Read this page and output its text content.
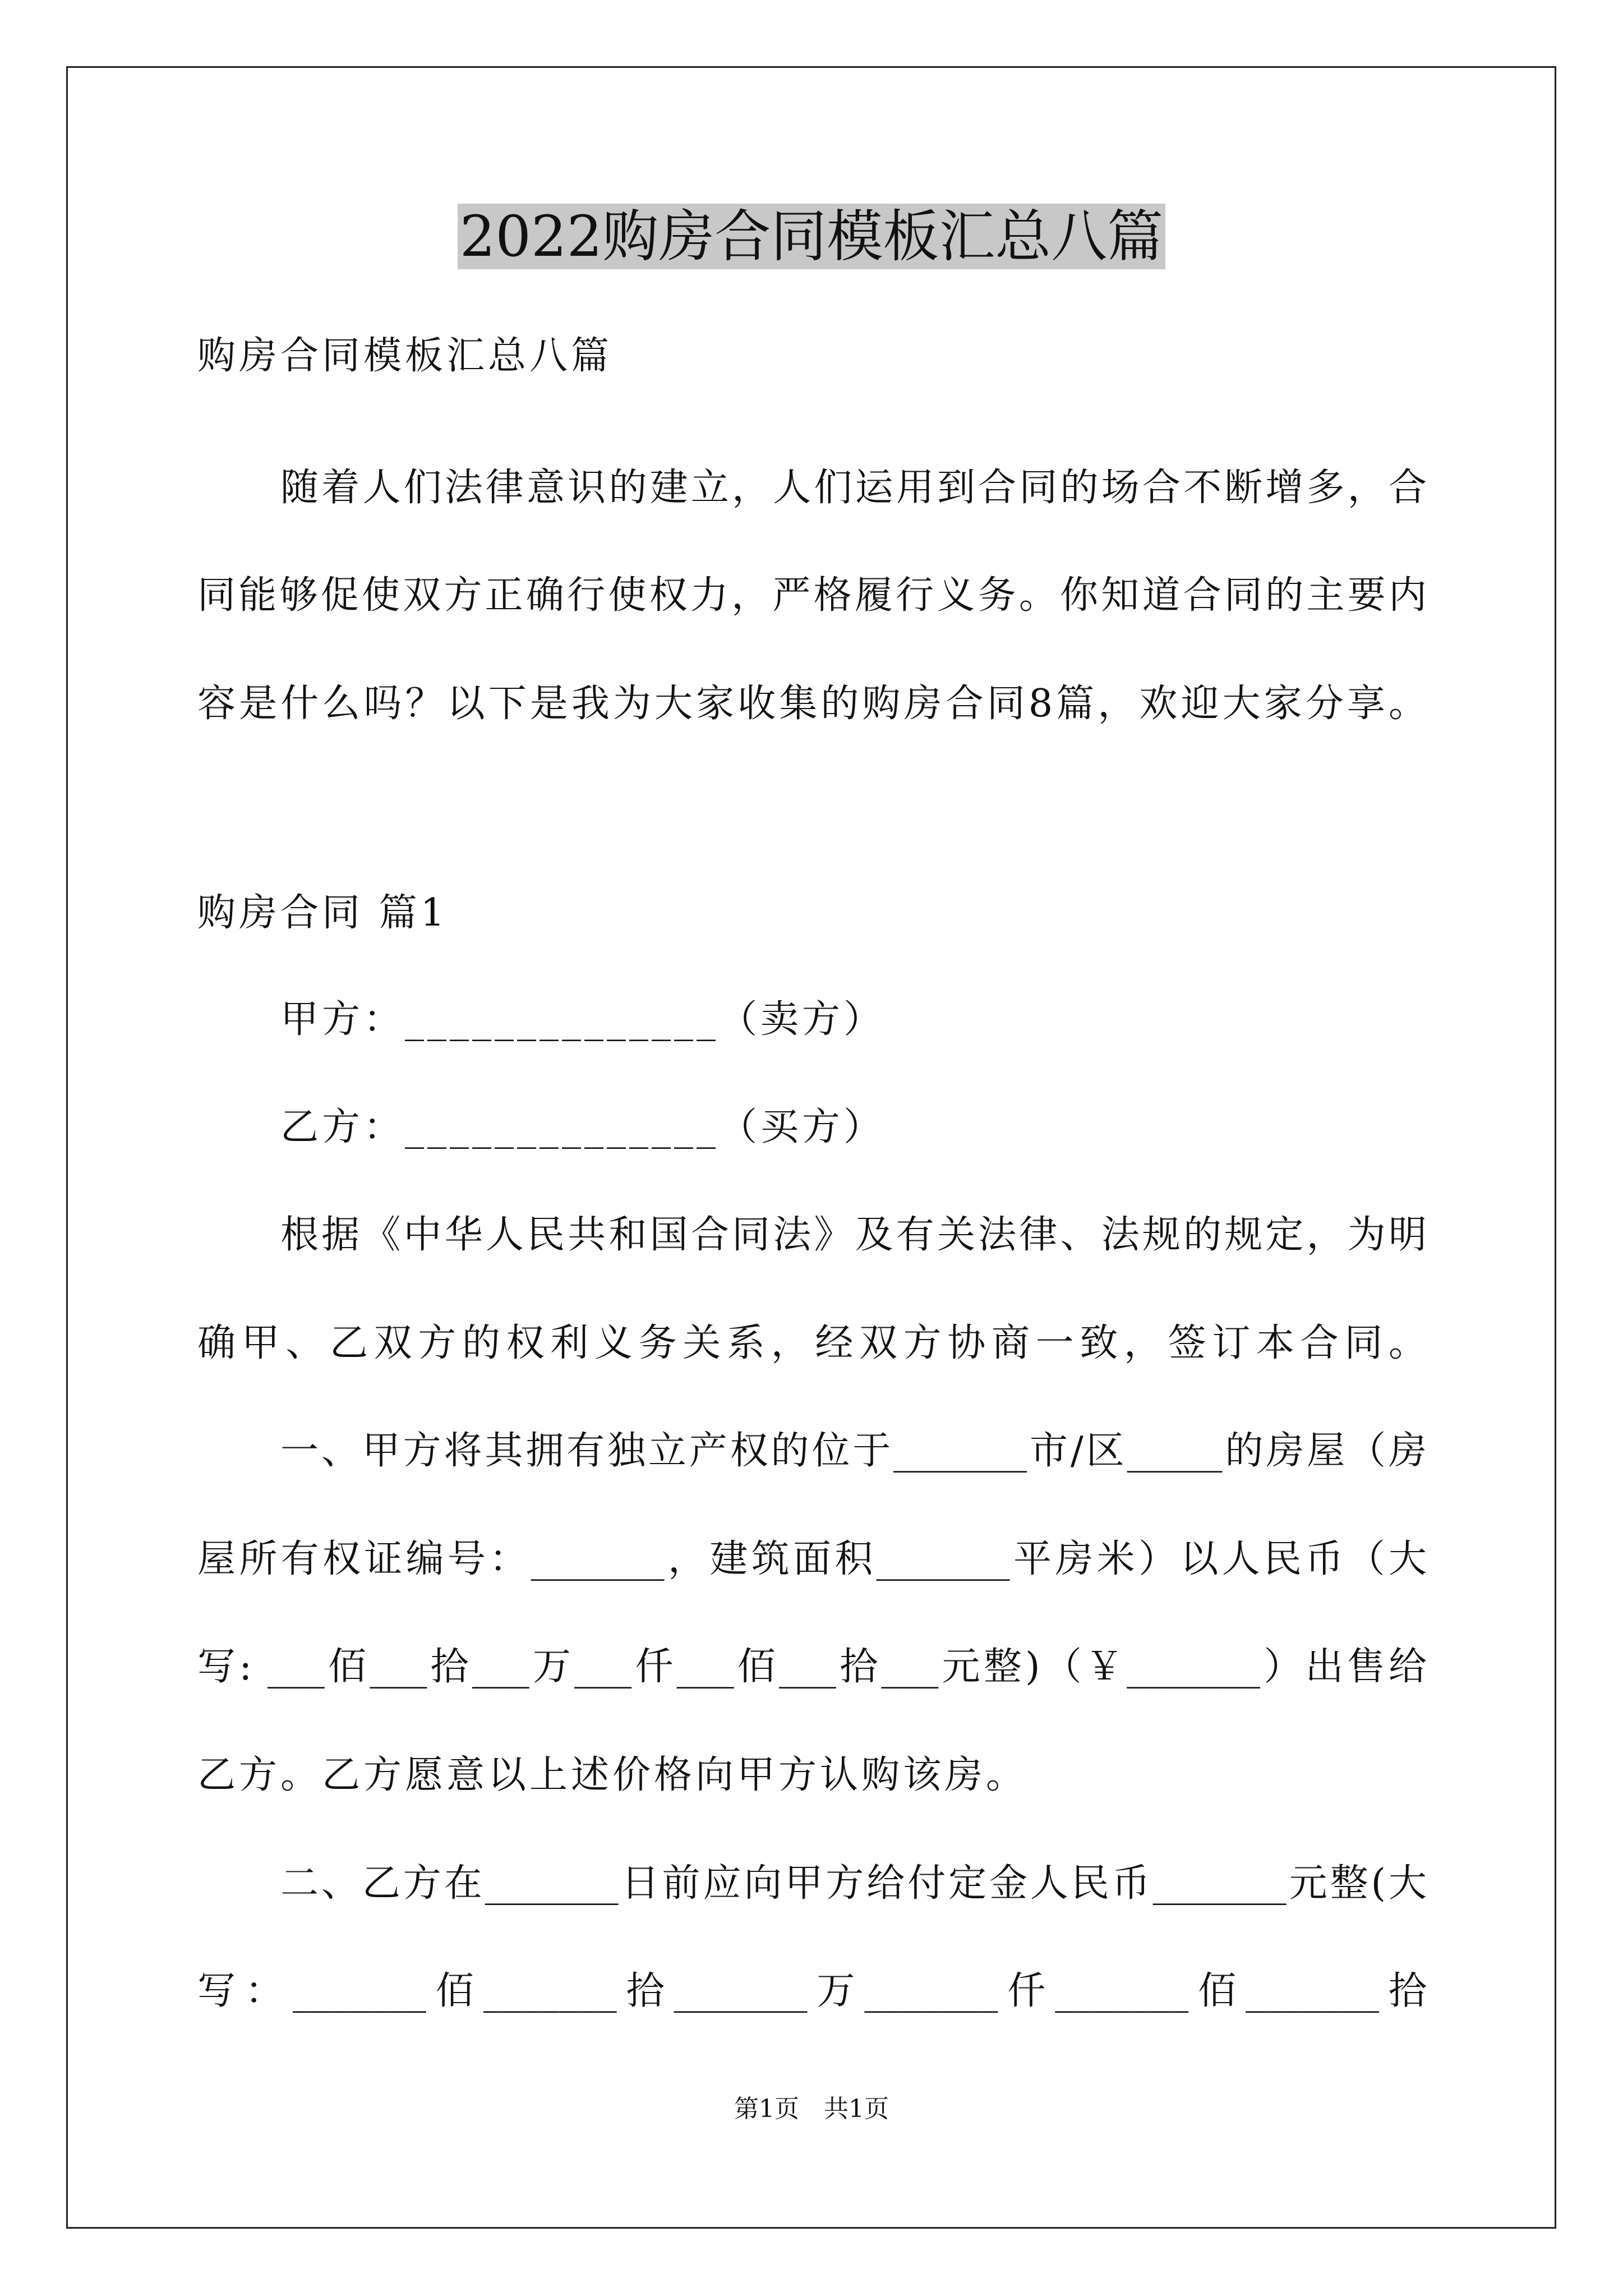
2022购房合同模板汇总八篇

购房合同模板汇总八篇

随着人们法律意识的建立，人们运用到合同的场合不断增多，合

同能够促使双方正确行使权力，严格履行义务。你知道合同的主要内

容是什么吗？以下是我为大家收集的购房合同8篇，欢迎大家分享。

购房合同 篇1

甲方：______________（卖方）

乙方：______________（买方）

根据《中华人民共和国合同法》及有关法律、法规的规定，为明

确甲、乙双方的权利义务关系，经双方协商一致，签订本合同。

一、甲方将其拥有独立产权的位于_______市/区_____的房屋（房

屋所有权证编号：_______，建筑面积_______平房米）以人民币（大

写: ___佰___拾___万___仟___佰___拾___元整)（￥_______）出售给

乙方。乙方愿意以上述价格向甲方认购该房。

二、乙方在_______日前应向甲方给付定金人民币_______元整(大

写：_______佰_______拾_______万_______仟_______佰_______拾

第1页　共1页
